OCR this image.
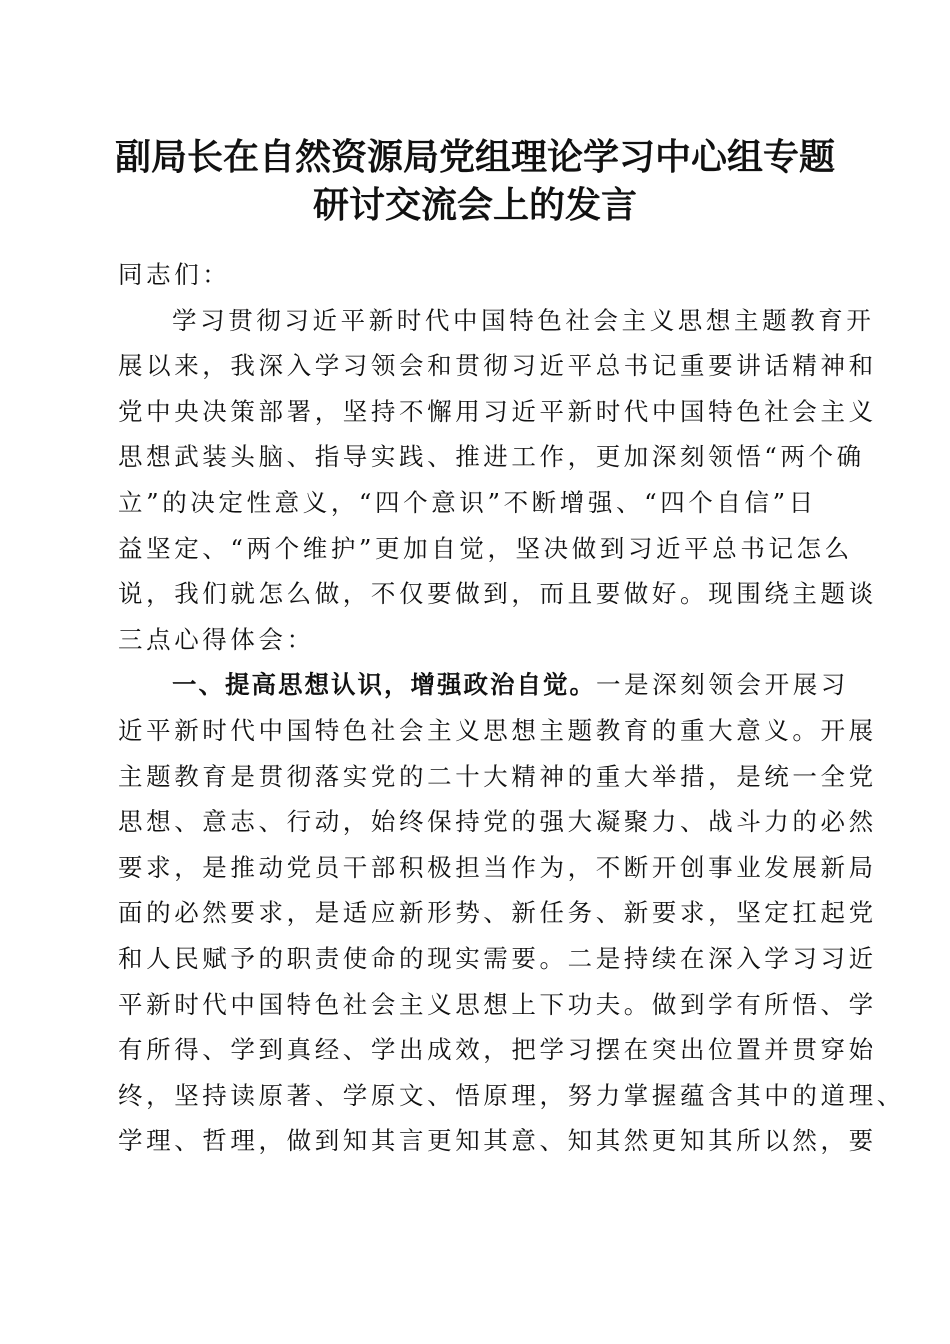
副局长在自然资源局党组理论学习中心组专题
研讨交流会上的发言
同志们：
学习贯彻习近平新时代中国特色社会主义思想主题教育开
展以来，我深入学习领会和贯彻习近平总书记重要讲话精神和
党中央决策部署，坚持不懈用习近平新时代中国特色社会主义
思想武装头脑、指导实践、推进工作，更加深刻领悟“两个确
立”的决定性意义，“四个意识”不断增强、“四个自信”日
益坚定、“两个维护”更加自觉，坚决做到习近平总书记怎么
说，我们就怎么做，不仅要做到，而且要做好。现围绕主题谈
三点心得体会：
一、提高思想认识，增强政治自觉。一是深刻领会开展习
近平新时代中国特色社会主义思想主题教育的重大意义。开展
主题教育是贯彻落实党的二十大精神的重大举措，是统一全党
思想、意志、行动，始终保持党的强大凝聚力、战斗力的必然
要求，是推动党员干部积极担当作为，不断开创事业发展新局
面的必然要求，是适应新形势、新任务、新要求，坚定扛起党
和人民赋予的职责使命的现实需要。二是持续在深入学习习近
平新时代中国特色社会主义思想上下功夫。做到学有所悟、学
有所得、学到真经、学出成效，把学习摆在突出位置并贯穿始
终，坚持读原著、学原文、悟原理，努力掌握蕴含其中的道理、
学理、哲理，做到知其言更知其意、知其然更知其所以然，要
